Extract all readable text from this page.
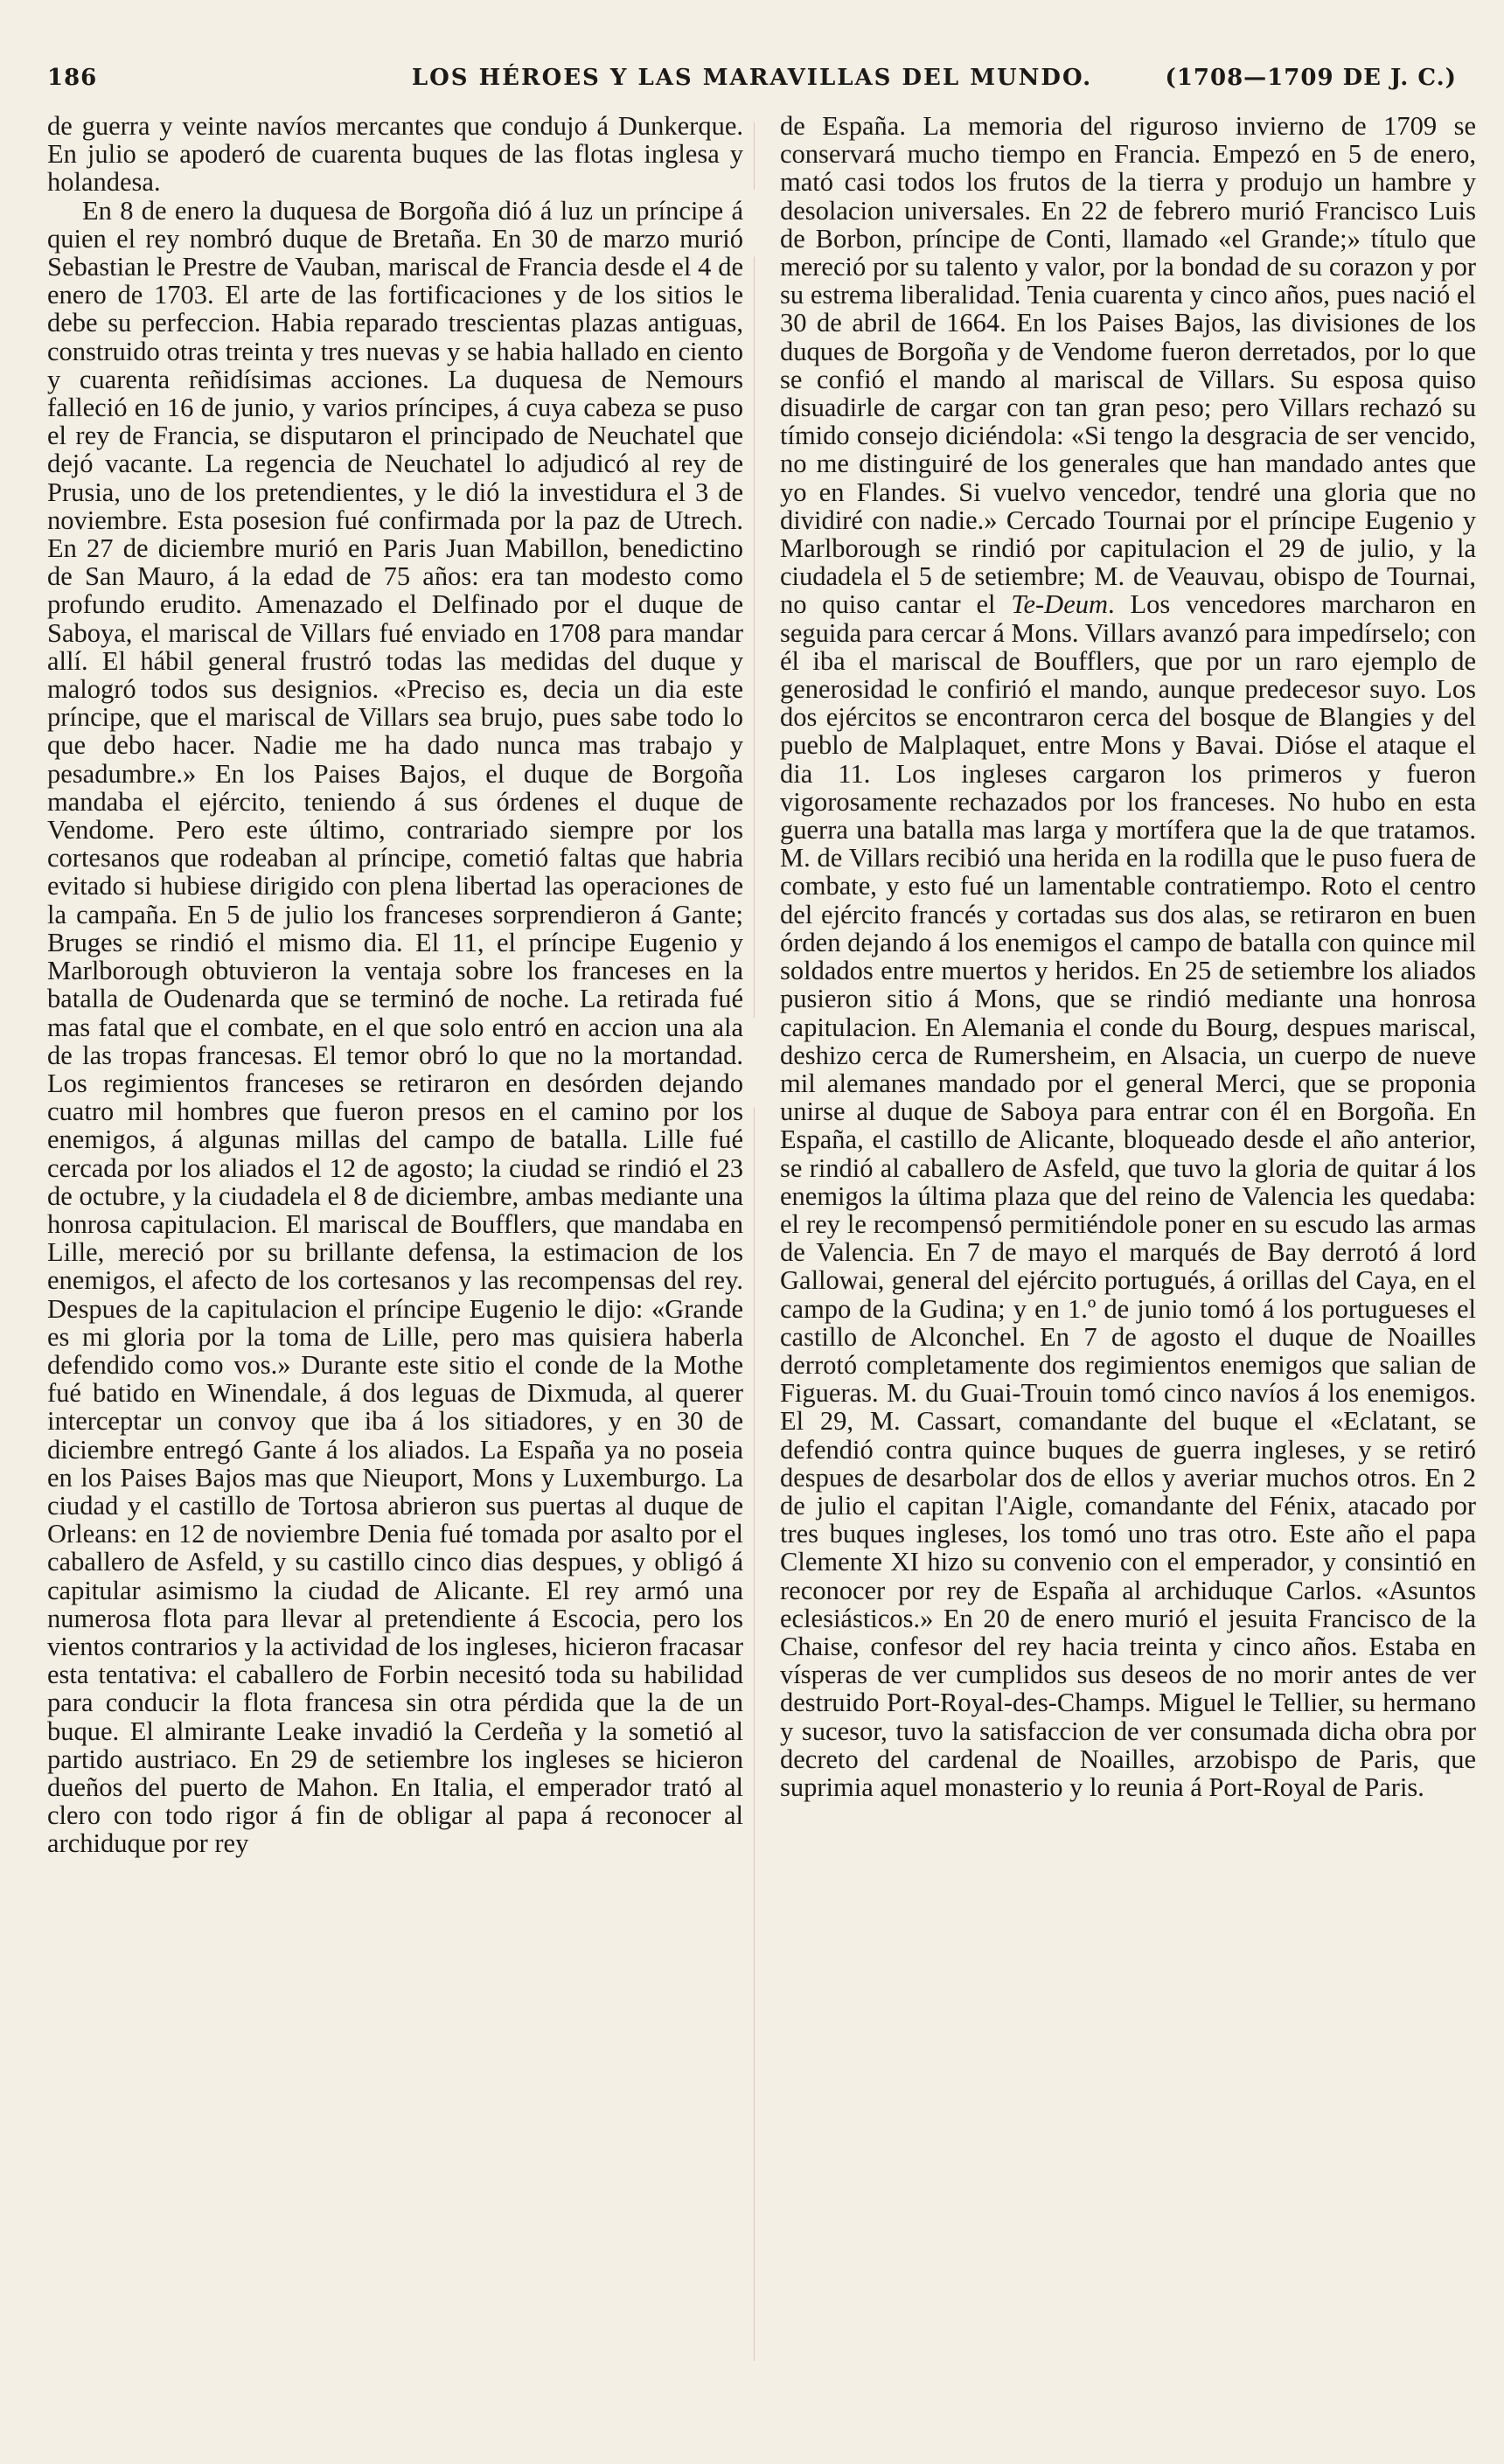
186	LOS HÉROES Y LAS MARAVILLAS DEL MUNDO.	(1708—1709 DE J. C.)

de guerra y veinte navíos mercantes que condujo á Dunkerque. En julio se apoderó de cuarenta buques de las flotas inglesa y holandesa.

En 8 de enero la duquesa de Borgoña dió á luz un príncipe á quien el rey nombró duque de Bretaña. En 30 de marzo murió Sebastian le Prestre de Vauban, mariscal de Francia desde el 4 de enero de 1703. El arte de las fortificaciones y de los sitios le debe su perfeccion. Habia reparado trescientas plazas antiguas, construido otras treinta y tres nuevas y se habia hallado en ciento y cuarenta reñidísimas acciones. La duquesa de Nemours falleció en 16 de junio, y varios príncipes, á cuya cabeza se puso el rey de Francia, se disputaron el principado de Neuchatel que dejó vacante. La regencia de Neuchatel lo adjudicó al rey de Prusia, uno de los pretendientes, y le dió la investidura el 3 de noviembre. Esta posesion fué confirmada por la paz de Utrech. En 27 de diciembre murió en Paris Juan Mabillon, benedictino de San Mauro, á la edad de 75 años: era tan modesto como profundo erudito. Amenazado el Delfinado por el duque de Saboya, el mariscal de Villars fué enviado en 1708 para mandar allí. El hábil general frustró todas las medidas del duque y malogró todos sus designios. «Preciso es, decia un dia este príncipe, que el mariscal de Villars sea brujo, pues sabe todo lo que debo hacer. Nadie me ha dado nunca mas trabajo y pesadumbre.» En los Paises Bajos, el duque de Borgoña mandaba el ejército, teniendo á sus órdenes el duque de Vendome. Pero este último, contrariado siempre por los cortesanos que rodeaban al príncipe, cometió faltas que habria evitado si hubiese dirigido con plena libertad las operaciones de la campaña. En 5 de julio los franceses sorprendieron á Gante; Bruges se rindió el mismo dia. El 11, el príncipe Eugenio y Marlborough obtuvieron la ventaja sobre los franceses en la batalla de Oudenarda que se terminó de noche. La retirada fué mas fatal que el combate, en el que solo entró en accion una ala de las tropas francesas. El temor obró lo que no la mortandad. Los regimientos franceses se retiraron en desórden dejando cuatro mil hombres que fueron presos en el camino por los enemigos, á algunas millas del campo de batalla. Lille fué cercada por los aliados el 12 de agosto; la ciudad se rindió el 23 de octubre, y la ciudadela el 8 de diciembre, ambas mediante una honrosa capitulacion. El mariscal de Boufflers, que mandaba en Lille, mereció por su brillante defensa, la estimacion de los enemigos, el afecto de los cortesanos y las recompensas del rey. Despues de la capitulacion el príncipe Eugenio le dijo: «Grande es mi gloria por la toma de Lille, pero mas quisiera haberla defendido como vos.» Durante este sitio el conde de la Mothe fué batido en Winendale, á dos leguas de Dixmuda, al querer interceptar un convoy que iba á los sitiadores, y en 30 de diciembre entregó Gante á los aliados. La España ya no poseia en los Paises Bajos mas que Nieuport, Mons y Luxemburgo. La ciudad y el castillo de Tortosa abrieron sus puertas al duque de Orleans: en 12 de noviembre Denia fué tomada por asalto por el caballero de Asfeld, y su castillo cinco dias despues, y obligó á capitular asimismo la ciudad de Alicante. El rey armó una numerosa flota para llevar al pretendiente á Escocia, pero los vientos contrarios y la actividad de los ingleses, hicieron fracasar esta tentativa: el caballero de Forbin necesitó toda su habilidad para conducir la flota francesa sin otra pérdida que la de un buque. El almirante Leake invadió la Cerdeña y la sometió al partido austriaco. En 29 de setiembre los ingleses se hicieron dueños del puerto de Mahon. En Italia, el emperador trató al clero con todo rigor á fin de obligar al papa á reconocer al archiduque por rey

de España. La memoria del riguroso invierno de 1709 se conservará mucho tiempo en Francia. Empezó en 5 de enero, mató casi todos los frutos de la tierra y produjo un hambre y desolacion universales. En 22 de febrero murió Francisco Luis de Borbon, príncipe de Conti, llamado «el Grande;» título que mereció por su talento y valor, por la bondad de su corazon y por su estrema liberalidad. Tenia cuarenta y cinco años, pues nació el 30 de abril de 1664. En los Paises Bajos, las divisiones de los duques de Borgoña y de Vendome fueron derretados, por lo que se confió el mando al mariscal de Villars. Su esposa quiso disuadirle de cargar con tan gran peso; pero Villars rechazó su tímido consejo diciéndola: «Si tengo la desgracia de ser vencido, no me distinguiré de los generales que han mandado antes que yo en Flandes. Si vuelvo vencedor, tendré una gloria que no dividiré con nadie.» Cercado Tournai por el príncipe Eugenio y Marlborough se rindió por capitulacion el 29 de julio, y la ciudadela el 5 de setiembre; M. de Veauvau, obispo de Tournai, no quiso cantar el Te-Deum. Los vencedores marcharon en seguida para cercar á Mons. Villars avanzó para impedírselo; con él iba el mariscal de Boufflers, que por un raro ejemplo de generosidad le confirió el mando, aunque predecesor suyo. Los dos ejércitos se encontraron cerca del bosque de Blangies y del pueblo de Malplaquet, entre Mons y Bavai. Dióse el ataque el dia 11. Los ingleses cargaron los primeros y fueron vigorosamente rechazados por los franceses. No hubo en esta guerra una batalla mas larga y mortífera que la de que tratamos. M. de Villars recibió una herida en la rodilla que le puso fuera de combate, y esto fué un lamentable contratiempo. Roto el centro del ejército francés y cortadas sus dos alas, se retiraron en buen órden dejando á los enemigos el campo de batalla con quince mil soldados entre muertos y heridos. En 25 de setiembre los aliados pusieron sitio á Mons, que se rindió mediante una honrosa capitulacion. En Alemania el conde du Bourg, despues mariscal, deshizo cerca de Rumersheim, en Alsacia, un cuerpo de nueve mil alemanes mandado por el general Merci, que se proponia unirse al duque de Saboya para entrar con él en Borgoña. En España, el castillo de Alicante, bloqueado desde el año anterior, se rindió al caballero de Asfeld, que tuvo la gloria de quitar á los enemigos la última plaza que del reino de Valencia les quedaba: el rey le recompensó permitiéndole poner en su escudo las armas de Valencia. En 7 de mayo el marqués de Bay derrotó á lord Gallowai, general del ejército portugués, á orillas del Caya, en el campo de la Gudina; y en 1.º de junio tomó á los portugueses el castillo de Alconchel. En 7 de agosto el duque de Noailles derrotó completamente dos regimientos enemigos que salian de Figueras. M. du Guai-Trouin tomó cinco navíos á los enemigos. El 29, M. Cassart, comandante del buque el «Eclatant, se defendió contra quince buques de guerra ingleses, y se retiró despues de desarbolar dos de ellos y averiar muchos otros. En 2 de julio el capitan l'Aigle, comandante del Fénix, atacado por tres buques ingleses, los tomó uno tras otro. Este año el papa Clemente XI hizo su convenio con el emperador, y consintió en reconocer por rey de España al archiduque Carlos. «Asuntos eclesiásticos.» En 20 de enero murió el jesuita Francisco de la Chaise, confesor del rey hacia treinta y cinco años. Estaba en vísperas de ver cumplidos sus deseos de no morir antes de ver destruido Port-Royal-des-Champs. Miguel le Tellier, su hermano y sucesor, tuvo la satisfaccion de ver consumada dicha obra por decreto del cardenal de Noailles, arzobispo de Paris, que suprimia aquel monasterio y lo reunia á Port-Royal de Paris.
